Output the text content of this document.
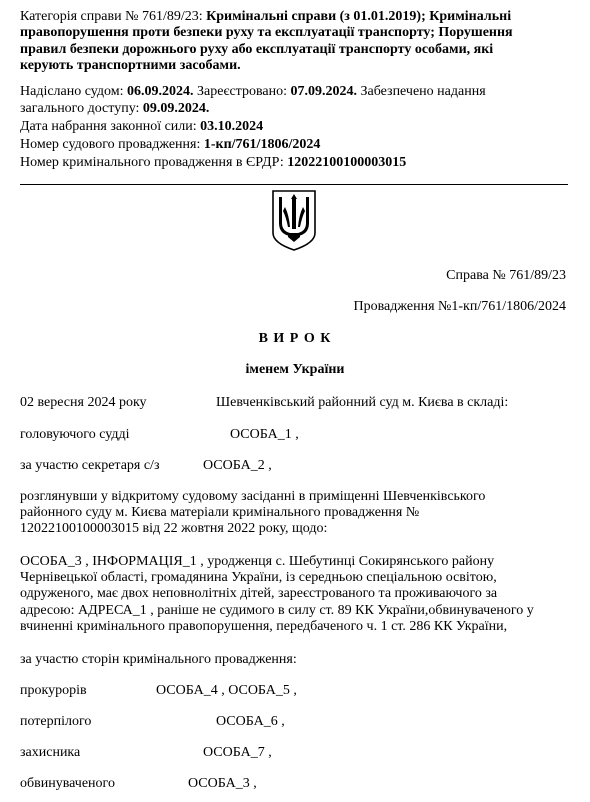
Категорія справи № 761/89/23: Кримінальні справи (з 01.01.2019); Кримінальні
правопорушення проти безпеки руху та експлуатації транспорту; Порушення
правил безпеки дорожнього руху або експлуатації транспорту особами, які
керують транспортними засобами.
Надіслано судом: 06.09.2024. Зареєстровано: 07.09.2024. Забезпечено надання
загального доступу: 09.09.2024.
Дата набрання законної сили: 03.10.2024
Номер судового провадження: 1-кп/761/1806/2024
Номер кримінального провадження в ЄРДР: 12022100100003015
Справа № 761/89/23
Провадження №1-кп/761/1806/2024
В И Р О К
іменем України
02 вересня 2024 року	Шевченківський районний суд м. Києва в складі:
головуючого судді	ОСОБА_1 ,
за участю секретаря с/з	ОСОБА_2 ,
розглянувши у відкритому судовому засіданні в приміщенні Шевченківського
районного суду м. Києва матеріали кримінального провадження №
12022100100003015 від 22 жовтня 2022 року, щодо:
ОСОБА_3 , ІНФОРМАЦІЯ_1 , уродженця с. Шебутинці Сокирянського району
Чернівецької області, громадянина України, із середньою спеціальною освітою,
одруженого, має двох неповнолітніх дітей, зареєстрованого та проживаючого за
адресою: АДРЕСА_1 , раніше не судимого в силу ст. 89 КК України,обвинуваченого у
вчиненні кримінального правопорушення, передбаченого ч. 1 ст. 286 КК України,
за участю сторін кримінального провадження:
прокурорів	ОСОБА_4 , ОСОБА_5 ,
потерпілого	ОСОБА_6 ,
захисника	ОСОБА_7 ,
обвинуваченого	ОСОБА_3 ,
